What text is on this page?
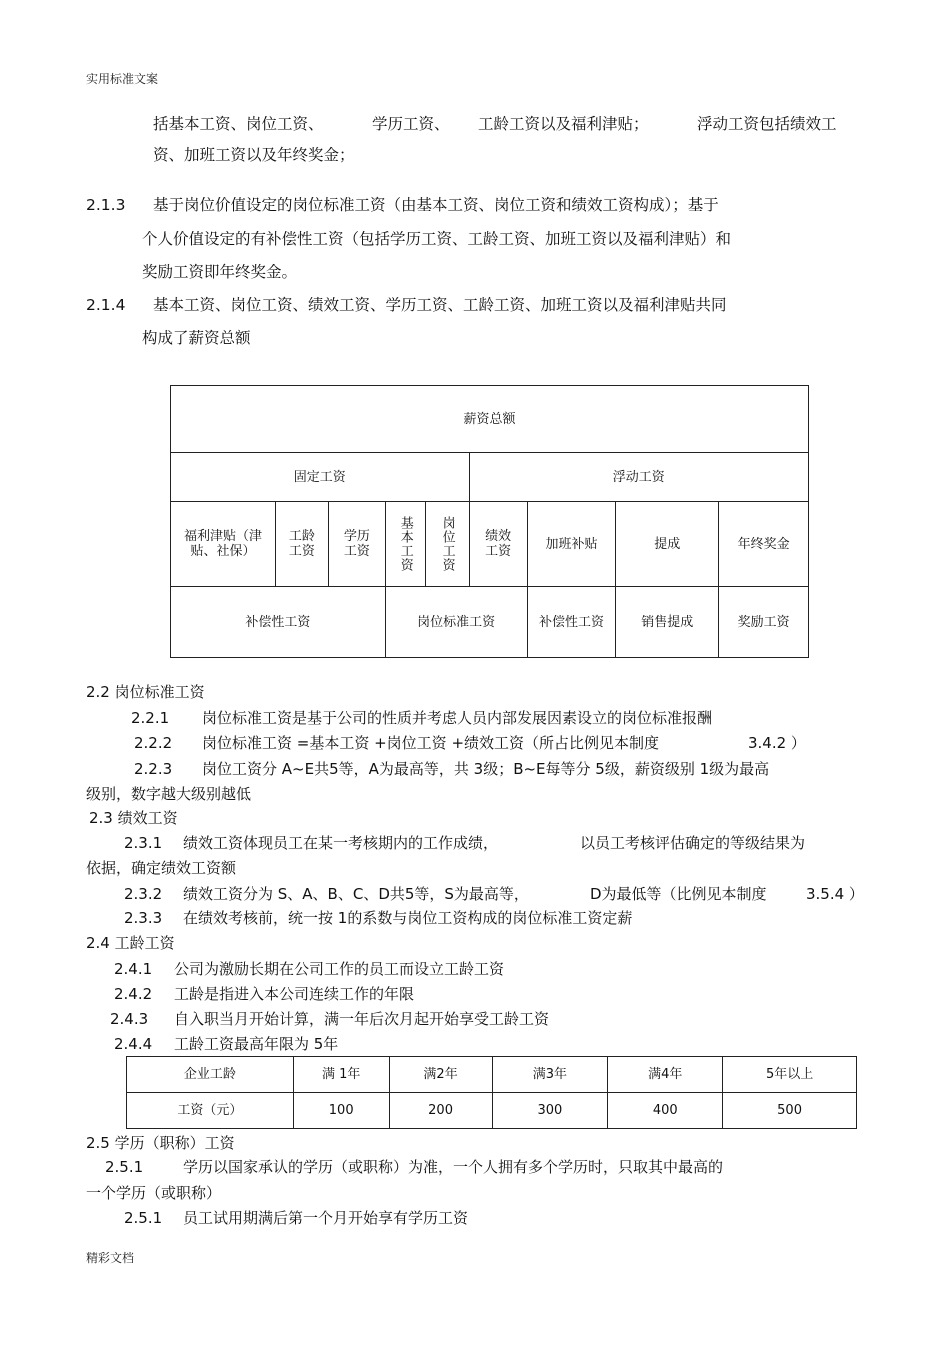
实用标准文案
精彩文档
括基本工资、岗位工资、	学历工资、 工龄工资以及福利津贴；	浮动工资包括绩效工
资、加班工资以及年终奖金；
2.1.3 基于岗位价值设定的岗位标准工资（由基本工资、岗位工资和绩效工资构成）；基于
个人价值设定的有补偿性工资（包括学历工资、工龄工资、加班工资以及福利津贴）和
奖励工资即年终奖金。
2.1.4 基本工资、岗位工资、绩效工资、学历工资、工龄工资、加班工资以及福利津贴共同
构成了薪资总额
薪资总额								
固定工资					浮动工资			

福利津贴（津贴、社保）	工龄工资	学历工资	基本工资	岗位工资	绩效工资	加班补贴	提成	年终奖金
补偿性工资			岗位标准工资			补偿性工资	销售提成	奖励工资
2.2 岗位标准工资
2.2.1 岗位标准工资是基于公司的性质并考虑人员内部发展因素设立的岗位标准报酬
2.2.2 岗位标准工资 =基本工资 +岗位工资 +绩效工资（所占比例见本制度	3.4.2 ）
2.2.3 岗位工资分 A~E共5等，A为最高等，共 3级；B~E每等分 5级，薪资级别 1级为最高
级别，数字越大级别越低
2.3 绩效工资
2.3.1 绩效工资体现员工在某一考核期内的工作成绩，	以员工考核评估确定的等级结果为
依据，确定绩效工资额
2.3.2 绩效工资分为 S、A、B、C、D共5等，S为最高等，	D为最低等（比例见本制度	3.5.4 ）
2.3.3 在绩效考核前，统一按 1的系数与岗位工资构成的岗位标准工资定薪
2.4 工龄工资
2.4.1 公司为激励长期在公司工作的员工而设立工龄工资
2.4.2 工龄是指进入本公司连续工作的年限
2.4.3 自入职当月开始计算，满一年后次月起开始享受工龄工资
2.4.4 工龄工资最高年限为 5年
企业工龄	满 1年	满2年	满3年	满4年	5年以上
工资（元）	100	200	300	400	500
2.5 学历（职称）工资
2.5.1	学历以国家承认的学历（或职称）为准，一个人拥有多个学历时，只取其中最高的
一个学历（或职称）
2.5.1 员工试用期满后第一个月开始享有学历工资
